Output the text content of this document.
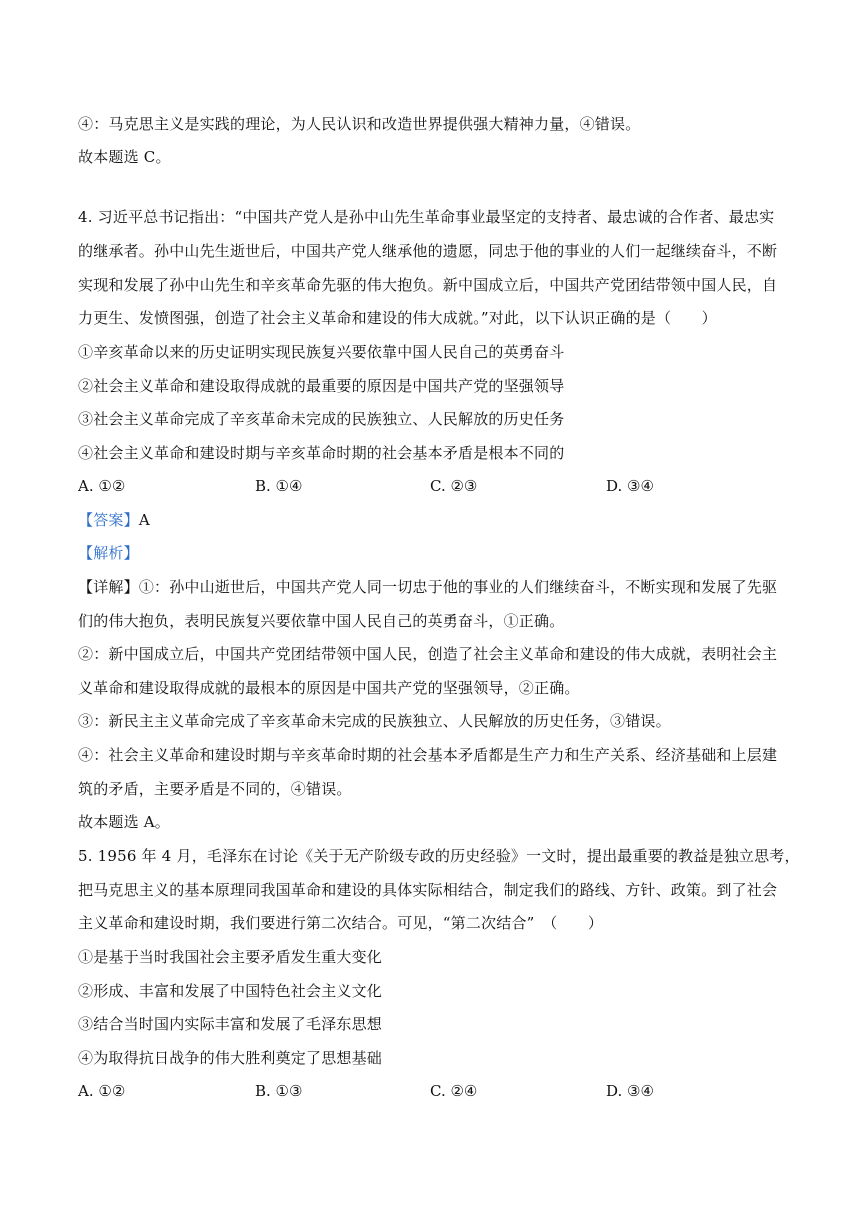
④：马克思主义是实践的理论，为人民认识和改造世界提供强大精神力量，④错误。
故本题选 C。
4. 习近平总书记指出：“中国共产党人是孙中山先生革命事业最坚定的支持者、最忠诚的合作者、最忠实
的继承者。孙中山先生逝世后，中国共产党人继承他的遗愿，同忠于他的事业的人们一起继续奋斗，不断
实现和发展了孙中山先生和辛亥革命先驱的伟大抱负。新中国成立后，中国共产党团结带领中国人民，自
力更生、发愤图强，创造了社会主义革命和建设的伟大成就。”对此，以下认识正确的是（　　）
①辛亥革命以来的历史证明实现民族复兴要依靠中国人民自己的英勇奋斗
②社会主义革命和建设取得成就的最重要的原因是中国共产党的坚强领导
③社会主义革命完成了辛亥革命未完成的民族独立、人民解放的历史任务
④社会主义革命和建设时期与辛亥革命时期的社会基本矛盾是根本不同的
A. ①②	B. ①④	C. ②③	D. ③④
【答案】A
【解析】
【详解】①：孙中山逝世后，中国共产党人同一切忠于他的事业的人们继续奋斗，不断实现和发展了先驱
们的伟大抱负，表明民族复兴要依靠中国人民自己的英勇奋斗，①正确。
②：新中国成立后，中国共产党团结带领中国人民，创造了社会主义革命和建设的伟大成就，表明社会主
义革命和建设取得成就的最根本的原因是中国共产党的坚强领导，②正确。
③：新民主主义革命完成了辛亥革命未完成的民族独立、人民解放的历史任务，③错误。
④：社会主义革命和建设时期与辛亥革命时期的社会基本矛盾都是生产力和生产关系、经济基础和上层建
筑的矛盾，主要矛盾是不同的，④错误。
故本题选 A。
5. 1956 年 4 月，毛泽东在讨论《关于无产阶级专政的历史经验》一文时，提出最重要的教益是独立思考，
把马克思主义的基本原理同我国革命和建设的具体实际相结合，制定我们的路线、方针、政策。到了社会
主义革命和建设时期，我们要进行第二次结合。可见，“第二次结合”　（　　）
①是基于当时我国社会主要矛盾发生重大变化
②形成、丰富和发展了中国特色社会主义文化
③结合当时国内实际丰富和发展了毛泽东思想
④为取得抗日战争的伟大胜利奠定了思想基础
A. ①②	B. ①③	C. ②④	D. ③④
